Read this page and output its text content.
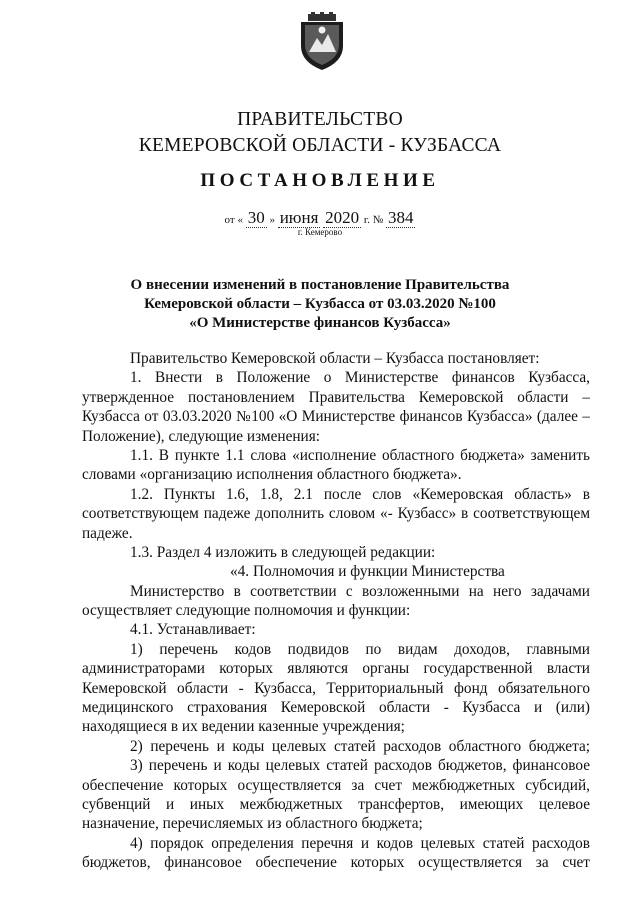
ПРАВИТЕЛЬСТВО
КЕМЕРОВСКОЙ ОБЛАСТИ - КУЗБАССА
ПОСТАНОВЛЕНИЕ
от « 30 » июня 2020 г. № 384
г. Кемерово
О внесении изменений в постановление Правительства
Кемеровской области – Кузбасса от 03.03.2020 №100
«О Министерстве финансов Кузбасса»
Правительство Кемеровской области – Кузбасса постановляет:
1. Внести в Положение о Министерстве финансов Кузбасса,
утвержденное постановлением Правительства Кемеровской области –
Кузбасса от 03.03.2020 №100 «О Министерстве финансов Кузбасса» (далее –
Положение), следующие изменения:
1.1. В пункте 1.1 слова «исполнение областного бюджета» заменить
словами «организацию исполнения областного бюджета».
1.2. Пункты 1.6, 1.8, 2.1 после слов «Кемеровская область» в
соответствующем падеже дополнить словом «- Кузбасс» в соответствующем
падеже.
1.3. Раздел 4 изложить в следующей редакции:
«4. Полномочия и функции Министерства
Министерство в соответствии с возложенными на него задачами
осуществляет следующие полномочия и функции:
4.1. Устанавливает:
1) перечень кодов подвидов по видам доходов, главными
администраторами которых являются органы государственной власти
Кемеровской области - Кузбасса, Территориальный фонд обязательного
медицинского страхования Кемеровской области - Кузбасса и (или)
находящиеся в их ведении казенные учреждения;
2) перечень и коды целевых статей расходов областного бюджета;
3) перечень и коды целевых статей расходов бюджетов, финансовое
обеспечение которых осуществляется за счет межбюджетных субсидий,
субвенций и иных межбюджетных трансфертов, имеющих целевое
назначение, перечисляемых из областного бюджета;
4) порядок определения перечня и кодов целевых статей расходов
бюджетов, финансовое обеспечение которых осуществляется за счет
